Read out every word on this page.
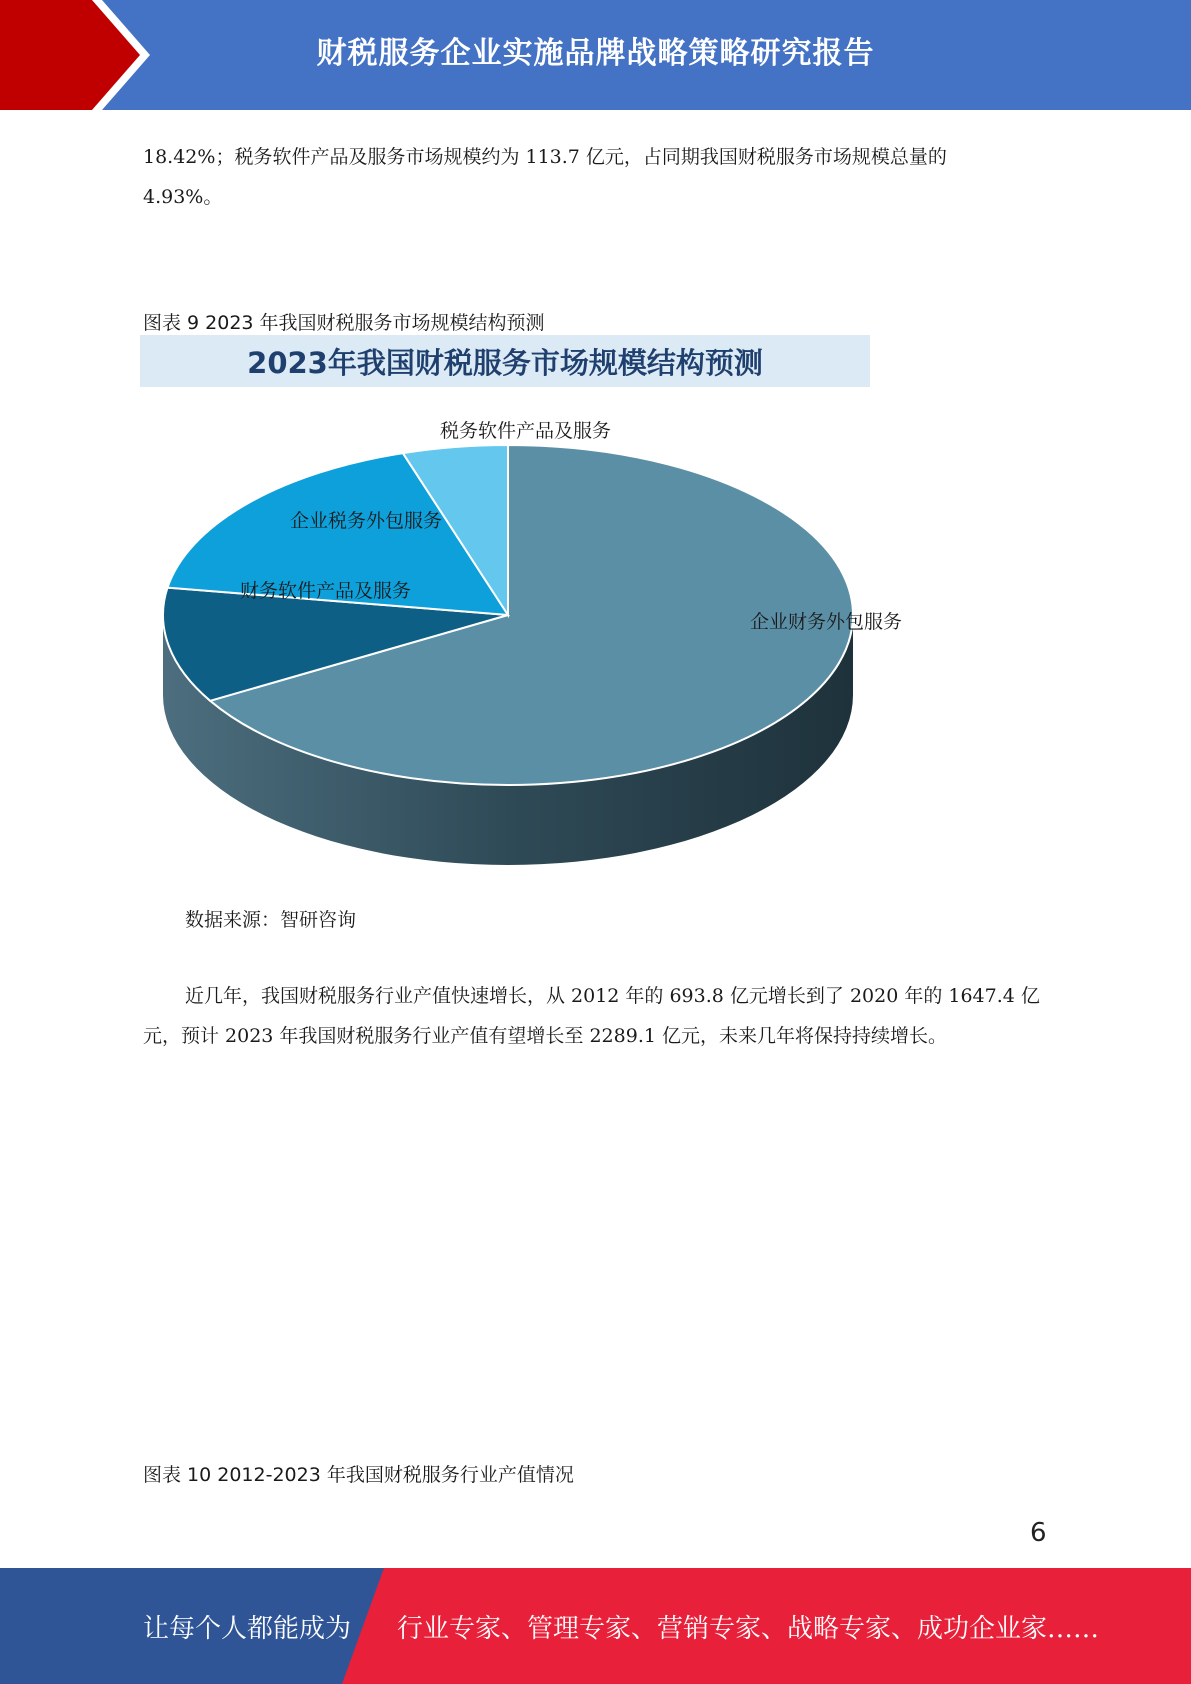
财税服务企业实施品牌战略策略研究报告

18.42%；税务软件产品及服务市场规模约为 113.7 亿元，占同期我国财税服务市场规模总量的

4.93%。

图表 9 2023 年我国财税服务市场规模结构预测

2023年我国财税服务市场规模结构预测
企业财务外包服务
财务软件产品及服务
企业税务外包服务
税务软件产品及服务

数据来源：智研咨询

近几年，我国财税服务行业产值快速增长，从 2012 年的 693.8 亿元增长到了 2020 年的 1647.4 亿元，预计 2023 年我国财税服务行业产值有望增长至 2289.1 亿元，未来几年将保持持续增长。

图表 10 2012-2023 年我国财税服务行业产值情况

6
让每个人都能成为 行业专家、管理专家、营销专家、战略专家、成功企业家……
